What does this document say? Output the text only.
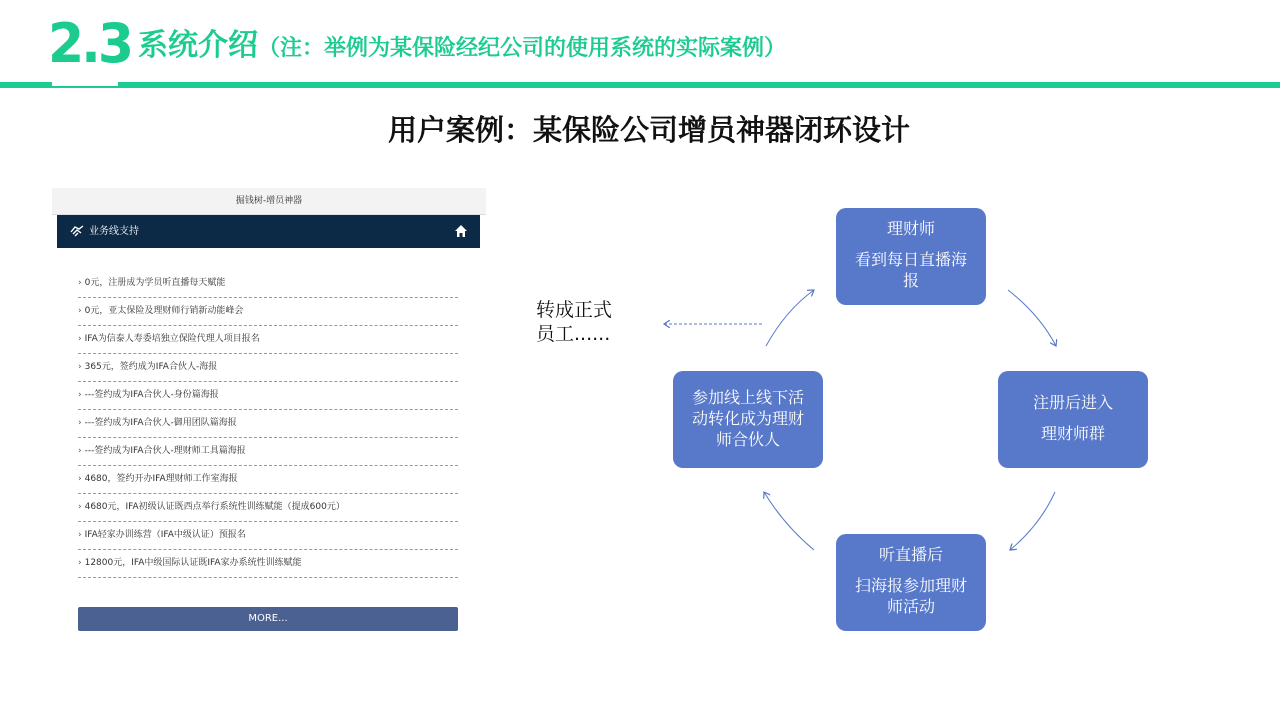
2.3 系统介绍（注：举例为某保险经纪公司的使用系统的实际案例）
用户案例：某保险公司增员神器闭环设计
掘钱树-增员神器
业务线支持
› 0元，注册成为学员听直播每天赋能
› 0元，亚太保险及理财师行销新动能峰会
› IFA为信泰人寿委培独立保险代理人项目报名
› 365元，签约成为IFA合伙人-海报
› ---签约成为IFA合伙人-身份篇海报
› ---签约成为IFA合伙人-御用团队篇海报
› ---签约成为IFA合伙人-理财师工具篇海报
› 4680，签约开办IFA理财师工作室海报
› 4680元，IFA初级认证既西点举行系统性训练赋能（提成600元）
› IFA轻家办训练营（IFA中级认证）预报名
› 12800元，IFA中级国际认证既IFA家办系统性训练赋能
MORE...
理财师
看到每日直播海
报
注册后进入
理财师群
听直播后
扫海报参加理财
师活动
参加线上线下活
动转化成为理财
师合伙人
转成正式
员工......
